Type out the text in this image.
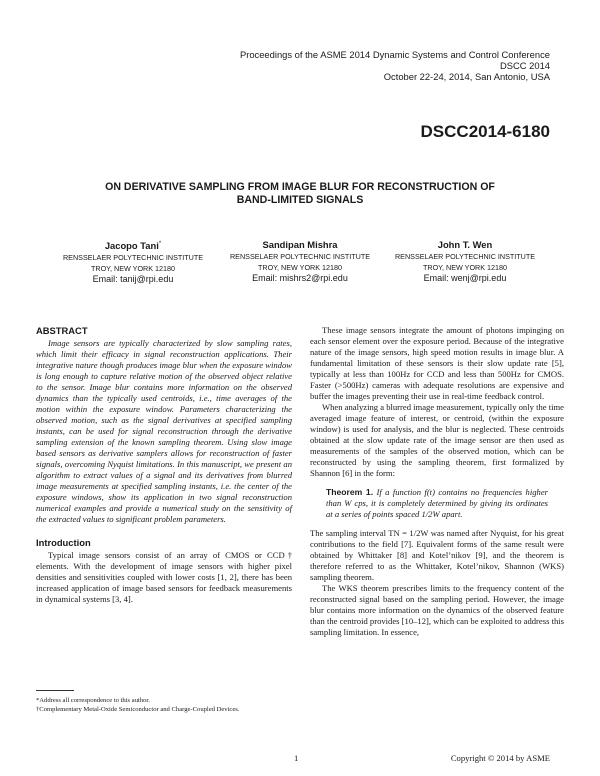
Proceedings of the ASME 2014 Dynamic Systems and Control Conference
DSCC 2014
October 22-24, 2014, San Antonio, USA
DSCC2014-6180
ON DERIVATIVE SAMPLING FROM IMAGE BLUR FOR RECONSTRUCTION OF
BAND-LIMITED SIGNALS
Jacopo Tani*
RENSSELAER POLYTECHNIC INSTITUTE
TROY, NEW YORK 12180
Email: tanij@rpi.edu
Sandipan Mishra
RENSSELAER POLYTECHNIC INSTITUTE
TROY, NEW YORK 12180
Email: mishrs2@rpi.edu
John T. Wen
RENSSELAER POLYTECHNIC INSTITUTE
TROY, NEW YORK 12180
Email: wenj@rpi.edu
ABSTRACT

Image sensors are typically characterized by slow sampling rates, which limit their efficacy in signal reconstruction applications. Their integrative nature though produces image blur when the exposure window is long enough to capture relative motion of the observed object relative to the sensor. Image blur contains more information on the observed dynamics than the typically used centroids, i.e., time averages of the motion within the exposure window. Parameters characterizing the observed motion, such as the signal derivatives at specified sampling instants, can be used for signal reconstruction through the derivative sampling extension of the known sampling theorem. Using slow image based sensors as derivative samplers allows for reconstruction of faster signals, overcoming Nyquist limitations. In this manuscript, we present an algorithm to extract values of a signal and its derivatives from blurred image measurements at specified sampling instants, i.e. the center of the exposure windows, show its application in two signal reconstruction numerical examples and provide a numerical study on the sensitivity of the extracted values to significant problem parameters.

Introduction

Typical image sensors consist of an array of CMOS or CCD† elements. With the development of image sensors with higher pixel densities and sensitivities coupled with lower costs [1, 2], there has been increased application of image based sensors for feedback measurements in dynamical systems [3, 4].

These image sensors integrate the amount of photons impinging on each sensor element over the exposure period. Because of the integrative nature of the image sensors, high speed motion results in image blur. A fundamental limitation of these sensors is their slow update rate [5], typically at less than 100Hz for CCD and less than 500Hz for CMOS. Faster (>500Hz) cameras with adequate resolutions are expensive and buffer the images preventing their use in real-time feedback control.

When analyzing a blurred image measurement, typically only the time averaged image feature of interest, or centroid, (within the exposure window) is used for analysis, and the blur is neglected. These centroids obtained at the slow update rate of the image sensor are then used as measurements of the samples of the observed motion, which can be reconstructed by using the sampling theorem, first formalized by Shannon [6] in the form:

Theorem 1. If a function f(t) contains no frequencies higher than W cps, it is completely determined by giving its ordinates at a series of points spaced 1/2W apart.

The sampling interval TN = 1/2W was named after Nyquist, for his great contributions to the field [7]. Equivalent forms of the same result were obtained by Whittaker [8] and Kotel’nikov [9], and the theorem is therefore referred to as the Whittaker, Kotel’nikov, Shannon (WKS) sampling theorem.

The WKS theorem prescribes limits to the frequency content of the reconstructed signal based on the sampling period. However, the image blur contains more information on the dynamics of the observed feature than the centroid provides [10–12], which can be exploited to address this sampling limitation. In essence,

*Address all correspondence to this author.

†Complementary Metal-Oxide Semiconductor and Charge-Coupled Devices.

1	Copyright © 2014 by ASME
